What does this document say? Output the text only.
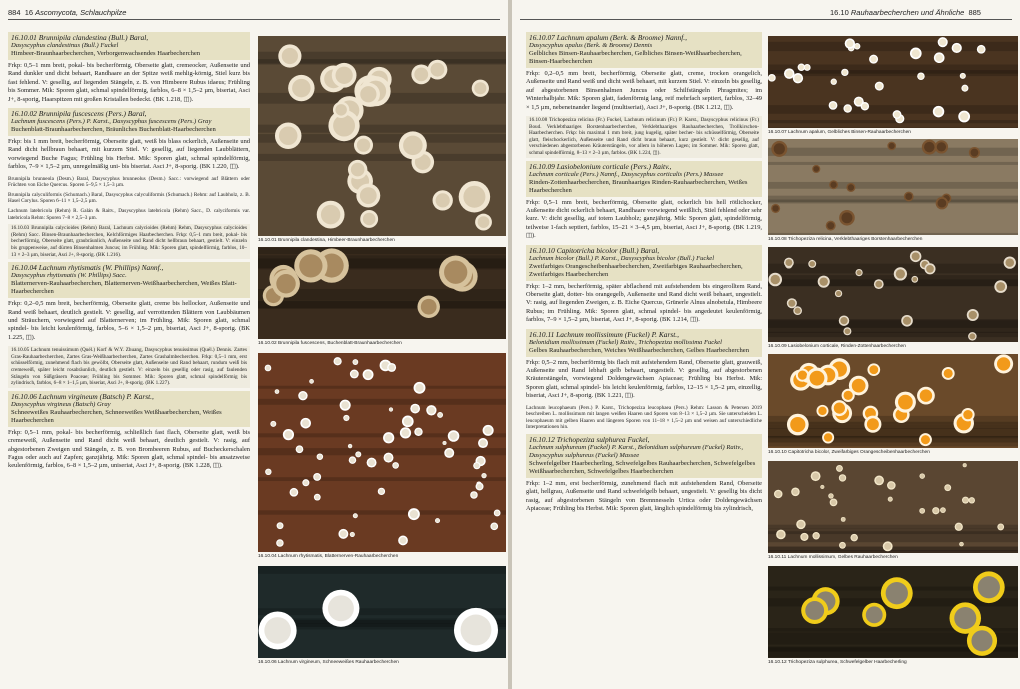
884 16 Ascomycota, Schlauchpilze
16.10.01 Brunnipila clandestina (Bull.) Baral,
Dasyscyphus clandestinus (Bull.) Fuckel
Himbeer-Braunhaarbecherchen, Verborgenwachsendes Haarbecherchen
Frkp: 0,5–1 mm breit, pokal- bis becherförmig, Oberseite glatt, cremeocker, Außenseite und Rand dunkler und dicht behaart, Randhaare an der Spitze weiß mehlig-körnig, Stiel kurz bis fast fehlend. V: gesellig, auf liegenden Stängeln, z. B. von Himbeere Rubus idaeus; Frühling bis Sommer. Mik: Sporen glatt, schmal spindelförmig, farblos, 6–8 × 1,5–2 µm, biseriat, Asci J+, 8-sporig, Haarspitzen mit großen Kristallen bedeckt. (BK 1.218, ◫).
16.10.02 Brunnipila fuscescens (Pers.) Baral,
Lachnum fuscescens (Pers.) P. Karst., Dasyscyphus fuscescens (Pers.) Gray
Buchenblatt-Braunhaarbecherchen, Bräunliches Buchenblatt-Haarbecherchen
Frkp: bis 1 mm breit, becherförmig, Oberseite glatt, weiß bis blass ockerlich, Außenseite und Rand dicht hellbraun behaart, mit kurzem Stiel. V: gesellig, auf liegenden Laubblättern, vorwiegend Buche Fagus; Frühling bis Herbst. Mik: Sporen glatt, schmal spindelförmig, farblos, 7–9 × 1,5–2 µm, unregelmäßig uni- bis biseriat. Asci J+, 8-sporig. (BK 1.220, ◫).
Brunnipila brunneola (Desm.) Baral, Dasyscyphus brunneolus (Desm.) Sacc.: vorwiegend auf Blättern oder Früchten von Eiche Quercus. Sporen 5–9,5 × 1,5–3 µm.
Brunnipila calyculiformis (Schumach.) Baral, Dasyscyphus calyculiformis (Schumach.) Rehm: auf Laubholz, z. B. Hasel Corylus. Sporen 6–11 × 1,5–2,5 µm.
Lachnum latebricola (Rehm) R. Galán & Raitv., Dasyscyphus latebricola (Rehm) Sacc., D. calyciformis var. latebricola Rehm: Sporen 7–8 × 2,5–3 µm.
16.10.03 Brunnipila calycioides (Rehm) Baral, Lachnum calycioides (Rehm) Rehm, Dasyscyphus calycioides (Rehm) Sacc. Binsen-Braunhaarbecherchen, Kelchförmiges Haarbecherchen. Frkp: 0,5–1 mm breit, pokal- bis becherförmig, Oberseite glatt, graubräunlich, Außenseite und Rand dicht hellbraun behaart, gestielt. V: einzeln bis gruppenweise, auf dürren Binsenhalmen Juncus; im Frühling. Mik: Sporen glatt, spindelförmig, farblos, 10–13 × 2–3 µm, biseriat, Asci J+, 8-sporig. (BK 1.216).
16.10.04 Lachnum rhytismatis (W. Phillips) Nannf.,
Dasyscyphus rhytismatis (W. Phillips) Sacc.
Blatternerven-Rauhaarbecherchen, Blatternerven-Weißhaarbecherchen, Weißes Blatt-Haarbecherchen
Frkp: 0,2–0,5 mm breit, becherförmig, Oberseite glatt, creme bis hellocker, Außenseite und Rand weiß behaart, deutlich gestielt. V: gesellig, auf verrottenden Blättern von Laubbäumen und Sträuchern, vorwiegend auf Blatternerven; im Frühling. Mik: Sporen glatt, schmal spindel- bis leicht keulenförmig, farblos, 5–6 × 1,5–2 µm, biseriat, Asci J+, 8-sporig. (BK 1.225, ◫).
16.10.05 Lachnum tenuissimum (Quél.) Korf & W.Y. Zhuang, Dasyscyphus tenuissimus (Quél.) Dennis. Zartes Gras-Rauhaarbecherchen, Zartes Gras-Weißhaarbecherchen, Zartes Grashalmbecherchen. Frkp: 0,5–1 mm, erst schüsselförmig, zunehmend flach bis gewölbt, Oberseite glatt, Außenseite und Rand behaart, rundum weiß bis cremeweiß, später leicht rosabräunlich, deutlich gestielt. V: einzeln bis gesellig oder rasig, auf faulenden Stängeln von Süßgräsern Poaceae; Frühling bis Sommer. Mik: Sporen glatt, schmal spindelförmig bis zylindrisch, farblos, 6–8 × 1–1,5 µm, biseriat, Asci J+, 8-sporig. (BK 1.227).
16.10.06 Lachnum virgineum (Batsch) P. Karst.,
Dasyscyphus virgineus (Batsch) Gray
Schneeweißes Rauhaarbecherchen, Schneeweißes Weißhaarbecherchen, Weißes Haarbecherchen
Frkp: 0,5–1 mm, pokal- bis becherförmig, schließlich fast flach, Oberseite glatt, weiß bis cremeweiß, Außenseite und Rand dicht weiß behaart, deutlich gestielt. V: rasig, auf abgestorbenen Zweigen und Stängeln, z. B. von Brombeeren Rubus, auf Bucheckerschalen Fagus oder auch auf Zapfen; ganzjährig. Mik: Sporen glatt, schmal spindel- bis ansatzweise keulenförmig, farblos, 6–8 × 1,5–2 µm, uniseriat, Asci J+, 8-sporig. (BK 1.228, ◫).
16.10.01 Brunnipila clandestina, Himbeer-Braunhaarbecherchen
16.10.02 Brunnipila fuscescens, Buchenblatt-Braunhaarbecherchen
16.10.04 Lachnum rhytismatis, Blatternerven-Rauhaarbecherchen
16.10.06 Lachnum virgineum, Schneeweißes Rauhaarbecherchen
16.10 Rauhaarbecherchen und Ähnliche 885
16.10.07 Lachnum apalum (Berk. & Broome) Nannf.,
Dasyscyphus apalus (Berk. & Broome) Dennis
Gelbliches Binsen-Rauhaarbecherchen, Gelbliches Binsen-Weißhaarbecherchen, Binsen-Haarbecherchen
Frkp: 0,2–0,5 mm breit, becherförmig, Oberseite glatt, creme, trocken orangelich, Außenseite und Rand weiß und dicht weiß behaart, mit kurzem Stiel. V: einzeln bis gesellig, auf abgestorbenen Binsenhalmen Juncus oder Schilfstängeln Phragmites; im Winterhalbjahr. Mik: Sporen glatt, fadenförmig lang, reif mehrfach septiert, farblos, 32–49 × 1,5 µm, nebeneinander liegend (multiseriat), Asci J+, 8-sporig. (BK 1.212, ◫).
16.10.08 Trichopeziza relicina (Fr.) Fuckel, Lachnum relicinum (Fr.) P. Karst., Dasyscyphus relicinus (Fr.) Boud. Verklebthaariges Borstenhaarbecherchen, Verklebthaariges Rauhaarbecherchen, Trollkirschen-Haarbecherchen. Frkp: bis maximal 1 mm breit, jung kugelig, später becher- bis schüsselförmig, Oberseite glatt, fleischockerlich, Außenseite und Rand dicht braun behaart, kurz gestielt. V: dicht gesellig, auf verschiedenen abgestorbenen Kräuterstängeln, vor allem in höheren Lagen; im Sommer. Mik: Sporen glatt, schmal spindelförmig, 8–13 × 2–3 µm, farblos. (BK 1.224, ◫).
16.10.09 Lasiobelonium corticale (Pers.) Raitv.,
Lachnum corticale (Pers.) Nannf., Dasyscyphus corticalis (Pers.) Massee
Rinden-Zottenhaarbecherchen, Braunhaariges Rinden-Rauhaarbecherchen, Weißes Haarbecherchen
Frkp: 0,5–1 mm breit, becherförmig, Oberseite glatt, ockerlich bis hell rötlichocker, Außenseite dicht ockerlich behaart, Randhaare vorwiegend weißlich, Stiel fehlend oder sehr kurz. V: dicht gesellig, auf totem Laubholz; ganzjährig. Mik: Sporen glatt, spindelförmig, teilweise 1-fach septiert, farblos, 15–21 × 3–4,5 µm, biseriat, Asci J+, 8-sporig. (BK 1.219, ◫).
16.10.10 Capitotricha bicolor (Bull.) Baral,
Lachnum bicolor (Bull.) P. Karst., Dasyscyphus bicolor (Bull.) Fuckel
Zweifarbiges Orangescheibenhaarbecherchen, Zweifarbiges Rauhaarbecherchen, Zweifarbiges Haarbecherchen
Frkp: 1–2 mm, becherförmig, später abflachend mit aufstehendem bis eingerolltem Rand, Oberseite glatt, dotter- bis orangegelb, Außenseite und Rand dicht weiß behaart, ungestielt. V: rasig, auf liegenden Zweigen, z. B. Eiche Quercus, Grünerle Alnus alnobetula, Himbeere Rubus; im Frühling. Mik: Sporen glatt, schmal spindel- bis angedeutet keulenförmig, farblos, 7–9 × 1,5–2 µm, biseriat, Asci J+, 8-sporig. (BK 1.214, ◫).
16.10.11 Lachnum mollissimum (Fuckel) P. Karst.,
Belonidium mollissimum (Fuckel) Raitv., Trichopeziza mollissima Fuckel
Gelbes Rauhaarbecherchen, Weiches Weißhaarbecherchen, Gelbes Haarbecherchen
Frkp: 0,5–2 mm, becherförmig bis flach mit aufstehendem Rand, Oberseite glatt, grauweiß, Außenseite und Rand lebhaft gelb behaart, ungestielt. V: gesellig, auf abgestorbenen Kräuterstängeln, vorwiegend Doldengewächsen Apiaceae; Frühling bis Herbst. Mik: Sporen glatt, schmal spindel- bis leicht keulenförmig, farblos, 12–15 × 1,5–2 µm, einzellig, biseriat, Asci J+, 8-sporig. (BK 1.221, ◫).
Lachnum leucophaeum (Pers.) P. Karst., Trichopeziza leucophaea (Pers.) Rehm: Lasson & Petersen 2019 beschreiben L. mollissimum mit langen weißen Haaren und Sporen von 8–13 × 1,5–2 µm. Sie unterscheiden L. leucophaeum mit gelben Haaren und längeren Sporen von 11–18 × 1,5–2 µm und weisen auf unterschiedliche Interpretationen hin.
16.10.12 Trichopeziza sulphurea Fuckel,
Lachnum sulphureum (Fuckel) P. Karst., Belonidium sulphureum (Fuckel) Raitv., Dasyscyphus sulphureus (Fuckel) Massee
Schwefelgelber Haarbecherling, Schwefelgelbes Rauhaarbecherchen, Schwefelgelbes Weißhaarbecherchen, Schwefelgelbes Haarbecherchen
Frkp: 1–2 mm, erst becherförmig, zunehmend flach mit aufstehendem Rand, Oberseite glatt, hellgrau, Außenseite und Rand schwefelgelb behaart, ungestielt. V: gesellig bis dicht rasig, auf abgestorbenen Stängeln von Brennnesseln Urtica oder Doldengewächsen Apiaceae; Frühling bis Herbst. Mik: Sporen glatt, länglich spindelförmig bis zylindrisch,
16.10.07 Lachnum apalum, Gelbliches Binsen-Rauhaarbecherchen
16.10.08 Trichopeziza relicina, Verklebthaariges Borstenhaarbecherchen
16.10.09 Lasiobelonium corticale, Rinden-Zottenhaarbecherchen
16.10.10 Capitotricha bicolor, Zweifarbiges Orangescheibenhaarbecherchen
16.10.11 Lachnum mollissimum, Gelbes Rauhaarbecherchen
16.10.12 Trichopeziza sulphurea, Schwefelgelber Haarbecherling
